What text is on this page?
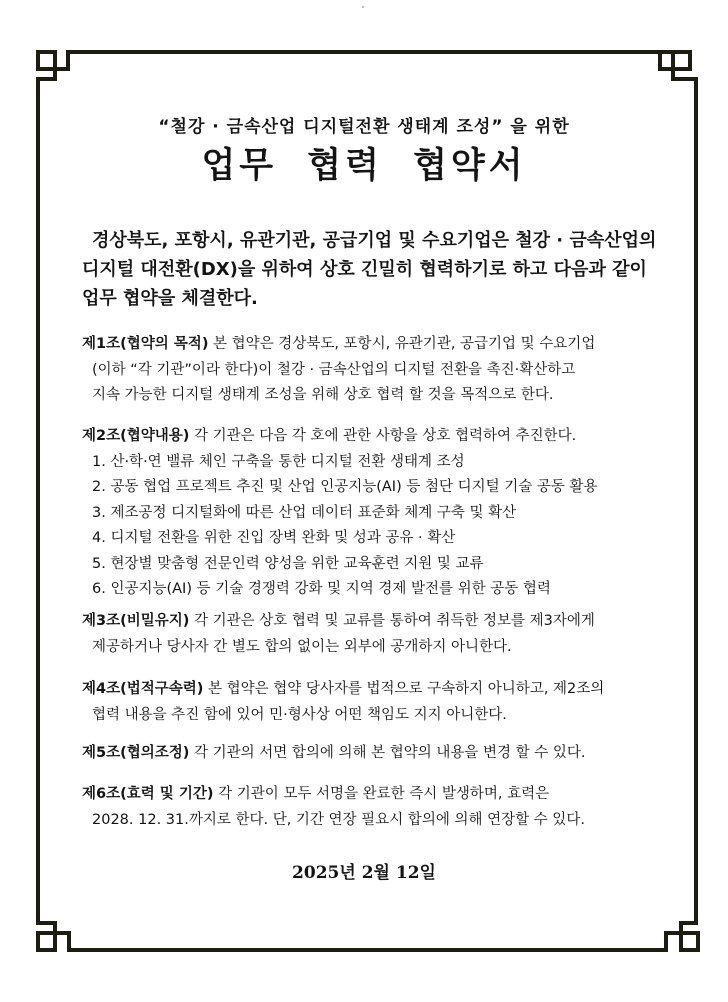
“철강 · 금속산업 디지털전환 생태계 조성” 을 위한
업무 협력 협약서

경상북도, 포항시, 유관기관, 공급기업 및 수요기업은 철강 · 금속산업의

디지털 대전환(DX)을 위하여 상호 긴밀히 협력하기로 하고 다음과 같이

업무 협약을 체결한다.

제1조(협약의 목적) 본 협약은 경상북도, 포항시, 유관기관, 공급기업 및 수요기업
(이하 “각 기관”이라 한다)이 철강 · 금속산업의 디지털 전환을 촉진·확산하고
지속 가능한 디지털 생태계 조성을 위해 상호 협력 할 것을 목적으로 한다.
제2조(협약내용) 각 기관은 다음 각 호에 관한 사항을 상호 협력하여 추진한다.
1. 산·학·연 밸류 체인 구축을 통한 디지털 전환 생태계 조성
2. 공동 협업 프로젝트 추진 및 산업 인공지능(AI) 등 첨단 디지털 기술 공동 활용
3. 제조공정 디지털화에 따른 산업 데이터 표준화 체계 구축 및 확산
4. 디지털 전환을 위한 진입 장벽 완화 및 성과 공유 · 확산
5. 현장별 맞춤형 전문인력 양성을 위한 교육훈련 지원 및 교류
6. 인공지능(AI) 등 기술 경쟁력 강화 및 지역 경제 발전를 위한 공동 협력
제3조(비밀유지) 각 기관은 상호 협력 및 교류를 통하여 취득한 정보를 제3자에게
제공하거나 당사자 간 별도 합의 없이는 외부에 공개하지 아니한다.
제4조(법적구속력) 본 협약은 협약 당사자를 법적으로 구속하지 아니하고, 제2조의
협력 내용을 추진 함에 있어 민·형사상 어떤 책임도 지지 아니한다.
제5조(협의조정) 각 기관의 서면 합의에 의해 본 협약의 내용을 변경 할 수 있다.
제6조(효력 및 기간) 각 기관이 모두 서명을 완료한 즉시 발생하며, 효력은
2028. 12. 31.까지로 한다. 단, 기간 연장 필요시 합의에 의해 연장할 수 있다.
2025년 2월 12일
